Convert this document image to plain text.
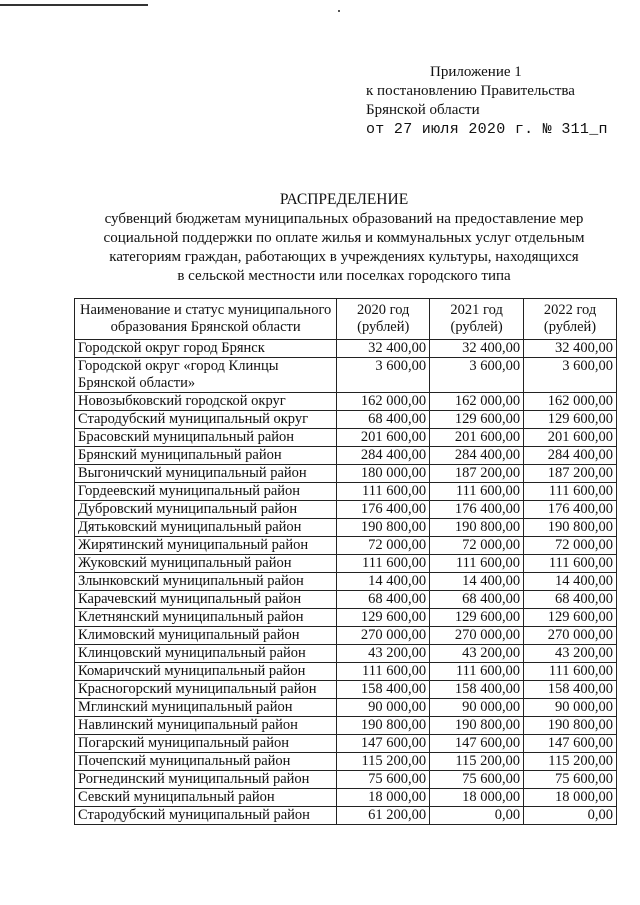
Приложение 1
к постановлению Правительства
Брянской области
от 27 июля 2020 г. № 311_п
РАСПРЕДЕЛЕНИЕ
субвенций бюджетам муниципальных образований на предоставление мер
социальной поддержки по оплате жилья и коммунальных услуг отдельным
категориям граждан, работающих в учреждениях культуры, находящихся
в сельской местности или поселках городского типа
Наименование и статус муниципального образования Брянской области	2020 год (рублей)	2021 год (рублей)	2022 год (рублей)
Городской округ город Брянск	32 400,00	32 400,00	32 400,00
Городской округ «город Клинцы Брянской области»	3 600,00	3 600,00	3 600,00
Новозыбковский городской округ	162 000,00	162 000,00	162 000,00
Стародубский муниципальный округ	68 400,00	129 600,00	129 600,00
Брасовский муниципальный район	201 600,00	201 600,00	201 600,00
Брянский муниципальный район	284 400,00	284 400,00	284 400,00
Выгоничский муниципальный район	180 000,00	187 200,00	187 200,00
Гордеевский муниципальный район	111 600,00	111 600,00	111 600,00
Дубровский муниципальный район	176 400,00	176 400,00	176 400,00
Дятьковский муниципальный район	190 800,00	190 800,00	190 800,00
Жирятинский муниципальный район	72 000,00	72 000,00	72 000,00
Жуковский муниципальный район	111 600,00	111 600,00	111 600,00
Злынковский муниципальный район	14 400,00	14 400,00	14 400,00
Карачевский муниципальный район	68 400,00	68 400,00	68 400,00
Клетнянский муниципальный район	129 600,00	129 600,00	129 600,00
Климовский муниципальный район	270 000,00	270 000,00	270 000,00
Клинцовский муниципальный район	43 200,00	43 200,00	43 200,00
Комаричский муниципальный район	111 600,00	111 600,00	111 600,00
Красногорский муниципальный район	158 400,00	158 400,00	158 400,00
Мглинский муниципальный район	90 000,00	90 000,00	90 000,00
Навлинский муниципальный район	190 800,00	190 800,00	190 800,00
Погарский муниципальный район	147 600,00	147 600,00	147 600,00
Почепский муниципальный район	115 200,00	115 200,00	115 200,00
Рогнединский муниципальный район	75 600,00	75 600,00	75 600,00
Севский муниципальный район	18 000,00	18 000,00	18 000,00
Стародубский муниципальный район	61 200,00	0,00	0,00
